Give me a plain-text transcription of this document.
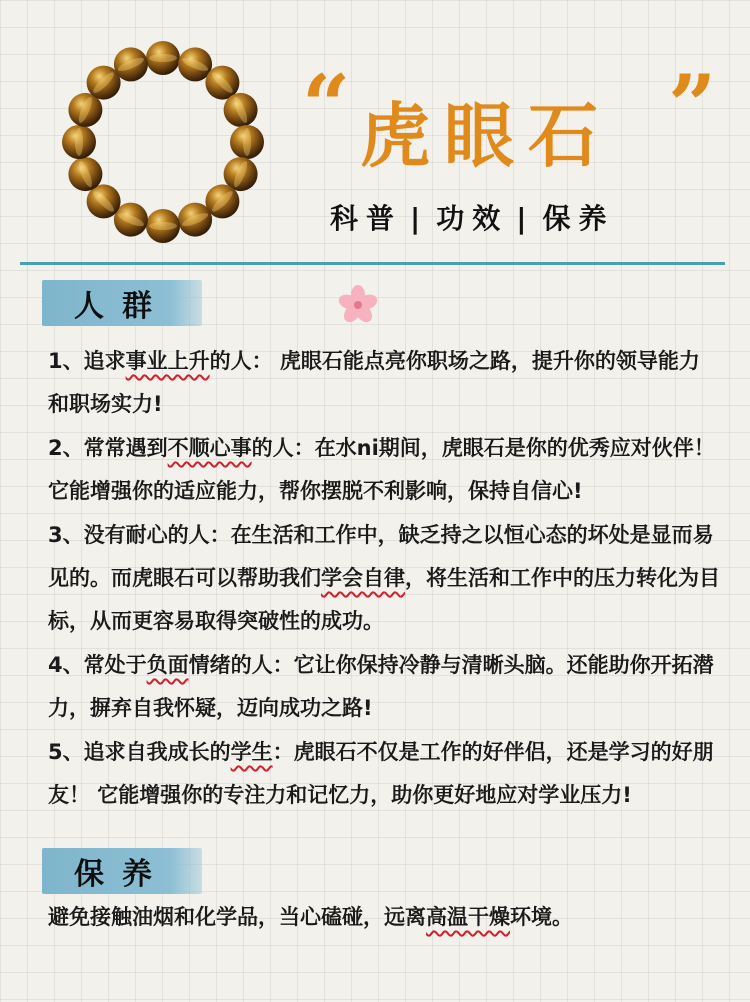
“ 虎眼石 ”
科普 | 功效 | 保养
人群
1、追求事业上升的人： 虎眼石能点亮你职场之路，提升你的领导能力和职场实力!
2、常常遇到不顺心事的人：在水ni期间，虎眼石是你的优秀应对伙伴！ 它能增强你的适应能力，帮你摆脱不利影响，保持自信心!
3、没有耐心的人：在生活和工作中，缺乏持之以恒心态的坏处是显而易见的。而虎眼石可以帮助我们学会自律，将生活和工作中的压力转化为目标，从而更容易取得突破性的成功。
4、常处于负面情绪的人：它让你保持冷静与清晰头脑。还能助你开拓潜力，摒弃自我怀疑，迈向成功之路!
5、追求自我成长的学生：虎眼石不仅是工作的好伴侣，还是学习的好朋友！ 它能增强你的专注力和记忆力，助你更好地应对学业压力!
保养
避免接触油烟和化学品，当心磕碰，远离高温干燥环境。
